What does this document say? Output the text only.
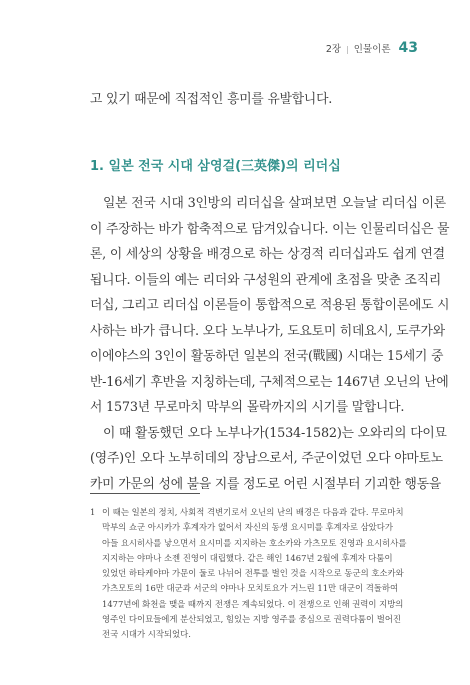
2장 | 인물이론 43
고 있기 때문에 직접적인 흥미를 유발합니다.
1. 일본 전국 시대 삼영걸(三英傑)의 리더십
일본 전국 시대 3인방의 리더십을 살펴보면 오늘날 리더십 이론
이 주장하는 바가 함축적으로 담겨있습니다. 이는 인물리더십은 물
론, 이 세상의 상황을 배경으로 하는 상경적 리더십과도 쉽게 연결
됩니다. 이들의 예는 리더와 구성원의 관계에 초점을 맞춘 조직리
더십, 그리고 리더십 이론들이 통합적으로 적용된 통합이론에도 시
사하는 바가 큽니다. 오다 노부나가, 도요토미 히데요시, 도쿠가와
이에야스의 3인이 활동하던 일본의 전국(戰國) 시대는 15세기 중
반-16세기 후반을 지칭하는데, 구체적으로는 1467년 오닌의 난에
서 1573년 무로마치 막부의 몰락까지의 시기를 말합니다.
이 때 활동했던 오다 노부나가(1534-1582)는 오와리의 다이묘
(영주)인 오다 노부히데의 장남으로서, 주군이었던 오다 야마토노
카미 가문의 성에 불을 지를 정도로 어린 시절부터 기괴한 행동을
1 이 때는 일본의 정치, 사회적 격변기로서 오닌의 난의 배경은 다음과 같다. 무로마치
막부의 쇼군 아시카가 후계자가 없어서 자신의 동생 요시미를 후계자로 삼았다가
아들 요시히사를 낳으면서 요시미를 지지하는 호소카와 가츠모토 진영과 요시히사를
지지하는 야마나 소젠 진영이 대립했다. 같은 해인 1467년 2월에 후계자 다툼이
있었던 하타케야마 가문이 둘로 나뉘어 전투를 벌인 것을 시작으로 동군의 호소카와
가츠모토의 16만 대군과 서군의 야마나 모치토요가 거느린 11만 대군이 격돌하여
1477년에 화천을 맺을 때까지 전쟁은 계속되었다. 이 전쟁으로 인해 권력이 지방의
영주인 다이묘들에게 분산되었고, 힘있는 지방 영주를 중심으로 권력다툼이 벌어진
전국 시대가 시작되었다.
